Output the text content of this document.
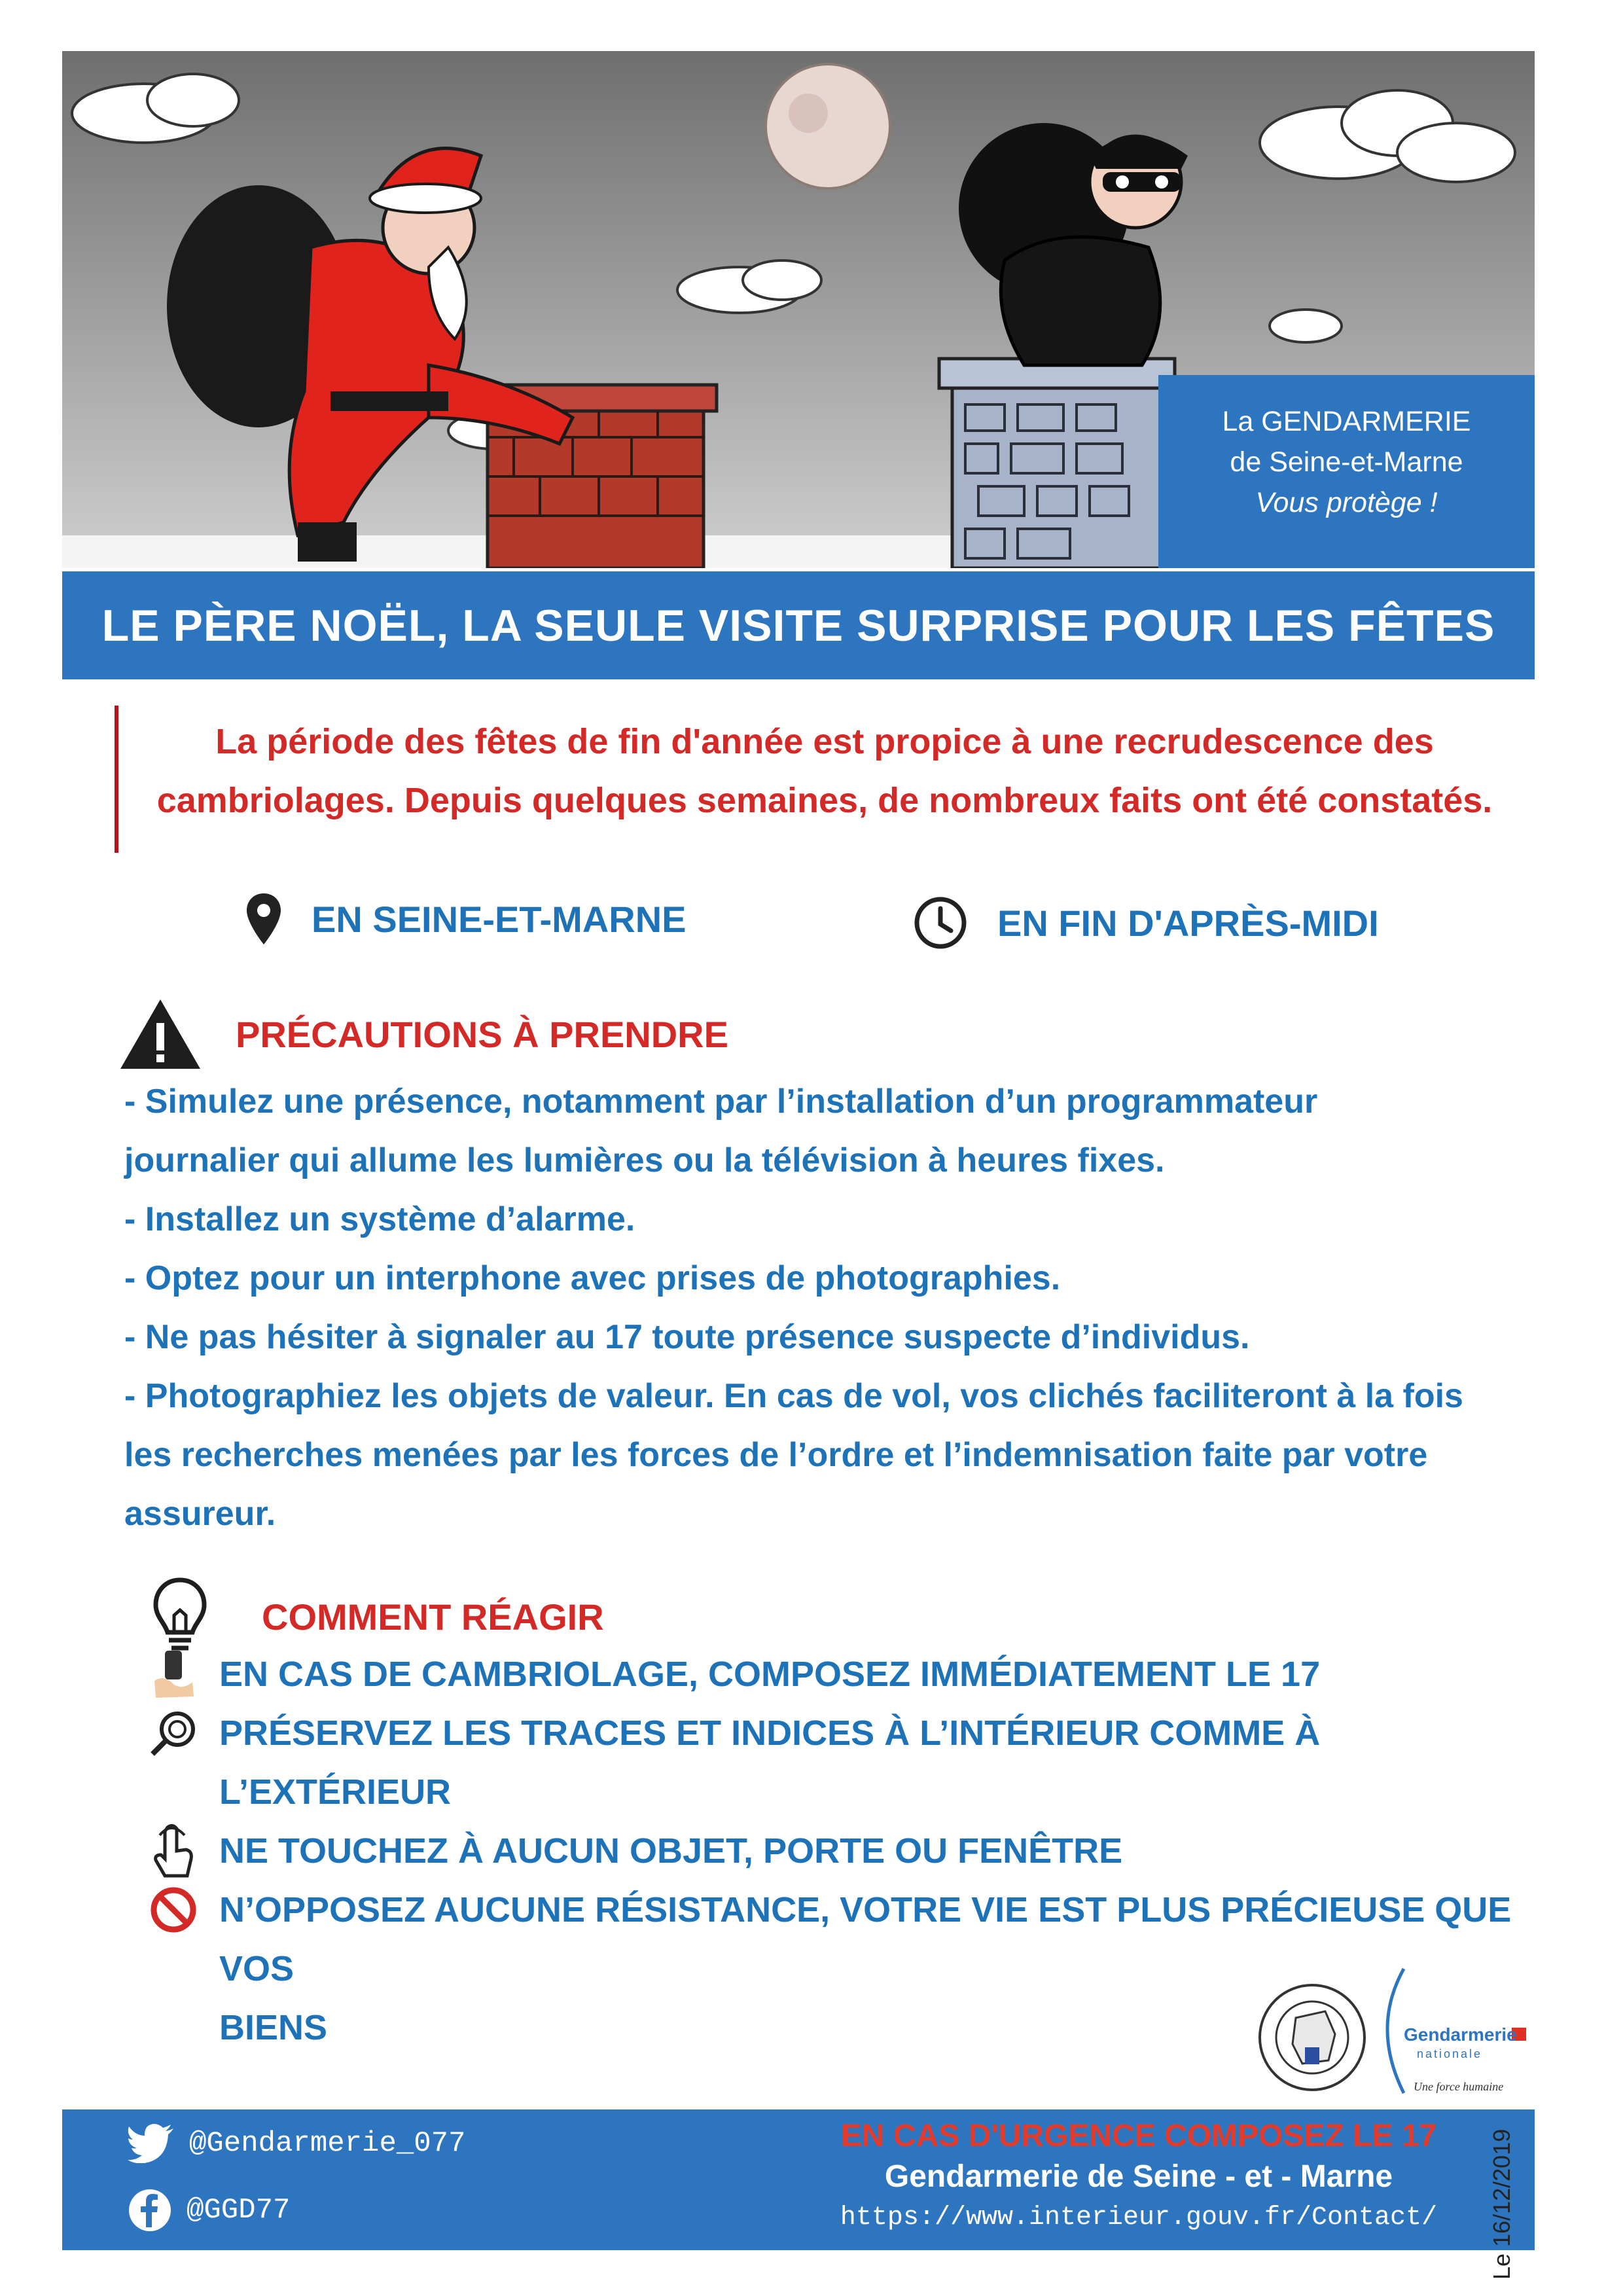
La GENDARMERIE
de Seine-et-Marne
Vous protège !
LE PÈRE NOËL, LA SEULE VISITE SURPRISE POUR LES FÊTES
La période des fêtes de fin d'année est propice à une recrudescence des
cambriolages. Depuis quelques semaines, de nombreux faits ont été constatés.
EN SEINE-ET-MARNE	EN FIN D'APRÈS-MIDI
PRÉCAUTIONS À PRENDRE
- Simulez une présence, notamment par l’installation d’un programmateur
journalier qui allume les lumières ou la télévision à heures fixes.
- Installez un système d’alarme.
- Optez pour un interphone avec prises de photographies.
- Ne pas hésiter à signaler au 17 toute présence suspecte d’individus.
- Photographiez les objets de valeur. En cas de vol, vos clichés faciliteront à la fois
les recherches menées par les forces de l’ordre et l’indemnisation faite par votre
assureur.
COMMENT RÉAGIR
EN CAS DE CAMBRIOLAGE, COMPOSEZ IMMÉDIATEMENT LE 17
PRÉSERVEZ LES TRACES ET INDICES À L’INTÉRIEUR COMME À L’EXTÉRIEUR
NE TOUCHEZ À AUCUN OBJET, PORTE OU FENÊTRE
N’OPPOSEZ AUCUNE RÉSISTANCE, VOTRE VIE EST PLUS PRÉCIEUSE QUE VOS
BIENS	Gendarmerie
nationale
Une force humaine
@Gendarmerie_077
@GGD77
EN CAS D'URGENCE COMPOSEZ LE 17
Gendarmerie de Seine - et - Marne
https://www.interieur.gouv.fr/Contact/	Le 16/12/2019
